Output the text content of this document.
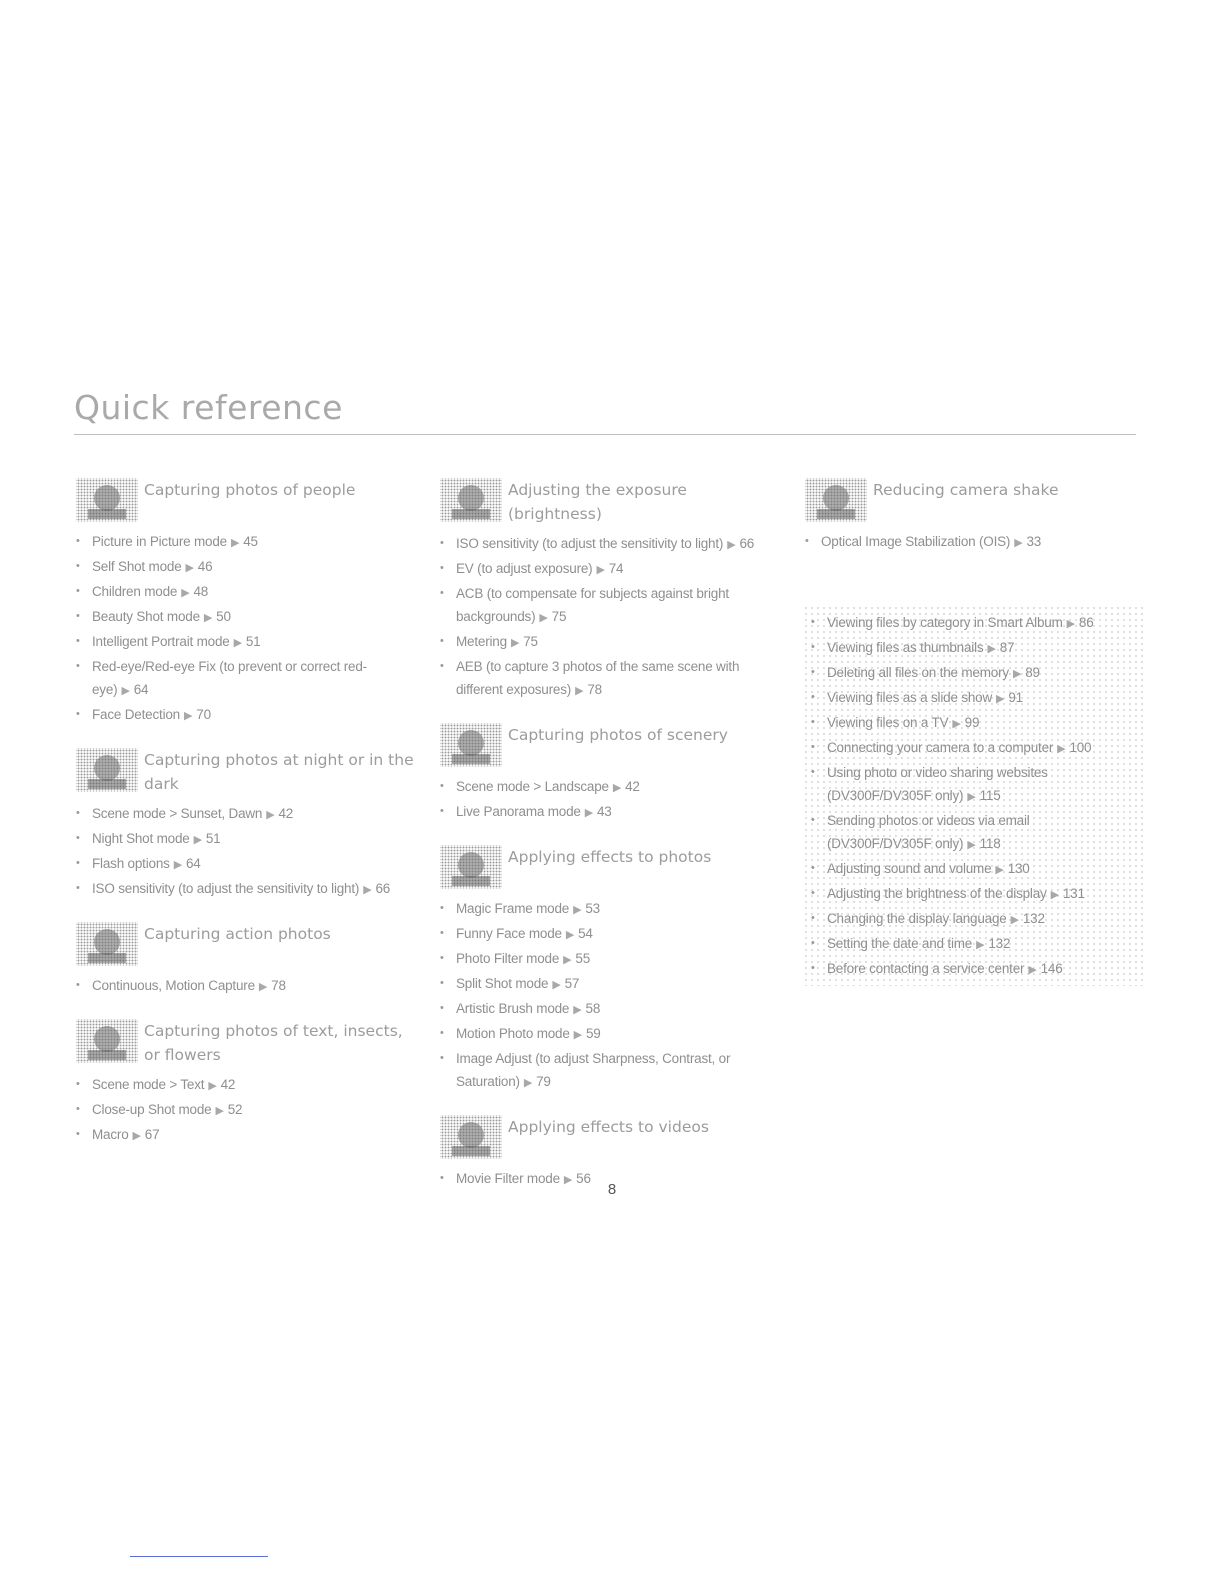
Quick reference
Capturing photos of people
• Picture in Picture mode ▶ 45
• Self Shot mode ▶ 46
• Children mode ▶ 48
• Beauty Shot mode ▶ 50
• Intelligent Portrait mode ▶ 51
• Red-eye/Red-eye Fix (to prevent or correct red-eye) ▶ 64
• Face Detection ▶ 70
Capturing photos at night or in the dark
• Scene mode > Sunset, Dawn ▶ 42
• Night Shot mode ▶ 51
• Flash options ▶ 64
• ISO sensitivity (to adjust the sensitivity to light) ▶ 66
Capturing action photos
• Continuous, Motion Capture ▶ 78
Capturing photos of text, insects, or flowers
• Scene mode > Text ▶ 42
• Close-up Shot mode ▶ 52
• Macro ▶ 67
Adjusting the exposure (brightness)
• ISO sensitivity (to adjust the sensitivity to light) ▶ 66
• EV (to adjust exposure) ▶ 74
• ACB (to compensate for subjects against bright backgrounds) ▶ 75
• Metering ▶ 75
• AEB (to capture 3 photos of the same scene with different exposures) ▶ 78
Capturing photos of scenery
• Scene mode > Landscape ▶ 42
• Live Panorama mode ▶ 43
Applying effects to photos
• Magic Frame mode ▶ 53
• Funny Face mode ▶ 54
• Photo Filter mode ▶ 55
• Split Shot mode ▶ 57
• Artistic Brush mode ▶ 58
• Motion Photo mode ▶ 59
• Image Adjust (to adjust Sharpness, Contrast, or Saturation) ▶ 79
Applying effects to videos
• Movie Filter mode ▶ 56
Reducing camera shake
• Optical Image Stabilization (OIS) ▶ 33
• Viewing files by category in Smart Album ▶ 86
• Viewing files as thumbnails ▶ 87
• Deleting all files on the memory ▶ 89
• Viewing files as a slide show ▶ 91
• Viewing files on a TV ▶ 99
• Connecting your camera to a computer ▶ 100
• Using photo or video sharing websites (DV300F/DV305F only) ▶ 115
• Sending photos or videos via email (DV300F/DV305F only) ▶ 118
• Adjusting sound and volume ▶ 130
• Adjusting the brightness of the display ▶ 131
• Changing the display language ▶ 132
• Setting the date and time ▶ 132
• Before contacting a service center ▶ 146
8
